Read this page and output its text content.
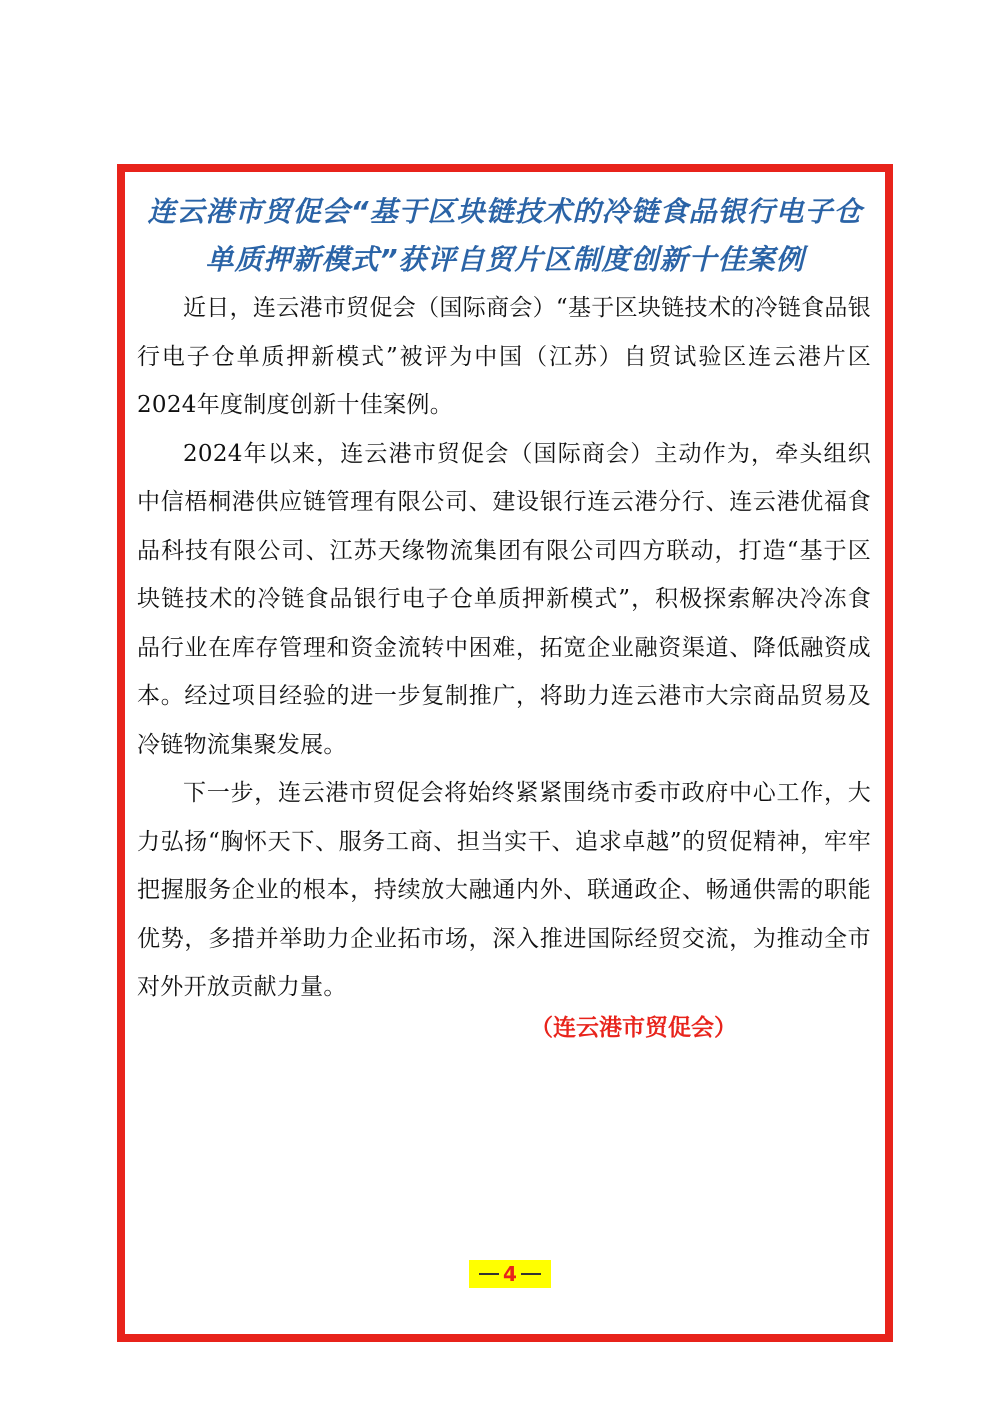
连云港市贸促会“基于区块链技术的冷链食品银行电子仓单质押新模式”获评自贸片区制度创新十佳案例

近日，连云港市贸促会（国际商会）“基于区块链技术的冷链食品银行电子仓单质押新模式”被评为中国（江苏）自贸试验区连云港片区2024年度制度创新十佳案例。

2024年以来，连云港市贸促会（国际商会）主动作为，牵头组织中信梧桐港供应链管理有限公司、建设银行连云港分行、连云港优福食品科技有限公司、江苏天缘物流集团有限公司四方联动，打造“基于区块链技术的冷链食品银行电子仓单质押新模式”，积极探索解决冷冻食品行业在库存管理和资金流转中困难，拓宽企业融资渠道、降低融资成本。经过项目经验的进一步复制推广，将助力连云港市大宗商品贸易及冷链物流集聚发展。

下一步，连云港市贸促会将始终紧紧围绕市委市政府中心工作，大力弘扬“胸怀天下、服务工商、担当实干、追求卓越”的贸促精神，牢牢把握服务企业的根本，持续放大融通内外、联通政企、畅通供需的职能优势，多措并举助力企业拓市场，深入推进国际经贸交流，为推动全市对外开放贡献力量。

（连云港市贸促会）

4
